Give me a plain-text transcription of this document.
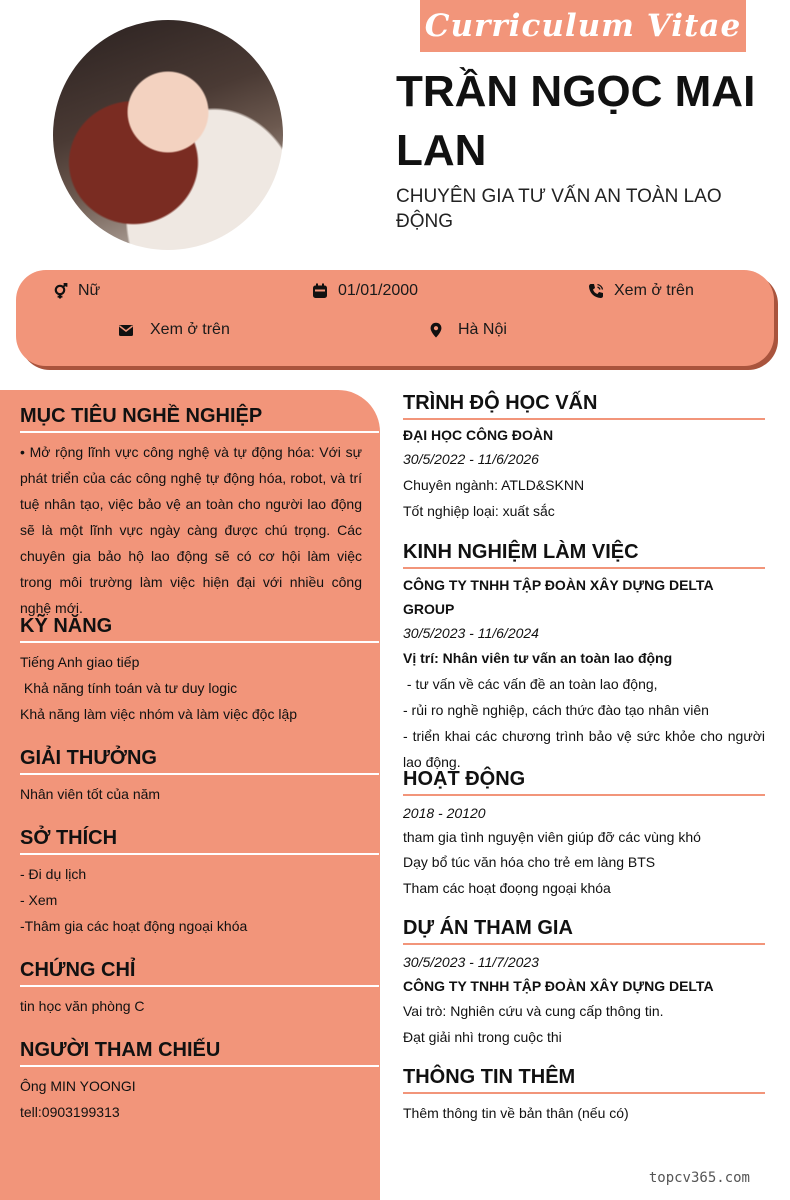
Curriculum Vitae
TRẦN NGỌC MAI LAN
CHUYÊN GIA TƯ VẤN AN TOÀN LAO ĐỘNG
Nữ	01/01/2000	Xem ở trên
Xem ở trên	Hà Nội
MỤC TIÊU NGHỀ NGHIỆP
• Mở rộng lĩnh vực công nghệ và tự động hóa: Với sự phát triển của các công nghệ tự động hóa, robot, và trí tuệ nhân tạo, việc bảo vệ an toàn cho người lao động sẽ là một lĩnh vực ngày càng được chú trọng. Các chuyên gia bảo hộ lao động sẽ có cơ hội làm việc trong môi trường làm việc hiện đại với nhiều công nghệ mới.
KỸ NĂNG
Tiếng Anh giao tiếp
Khả năng tính toán và tư duy logic
Khả năng làm việc nhóm và làm việc độc lập
GIẢI THƯỞNG
Nhân viên tốt của năm
SỞ THÍCH
- Đi dụ lịch
- Xem
-Thâm gia các hoạt động ngoại khóa
CHỨNG CHỈ
tin học văn phòng C
NGƯỜI THAM CHIẾU
Ông MIN YOONGI
tell:0903199313
TRÌNH ĐỘ HỌC VẤN
ĐẠI HỌC CÔNG ĐOÀN
30/5/2022 - 11/6/2026
Chuyên ngành: ATLD&SKNN
Tốt nghiệp loại: xuất sắc
KINH NGHIỆM LÀM VIỆC
CÔNG TY TNHH TẬP ĐOÀN XÂY DỰNG DELTA GROUP
30/5/2023 - 11/6/2024
Vị trí: Nhân viên tư vấn an toàn lao động
- tư vấn về các vấn đề an toàn lao động,
- rủi ro nghề nghiệp, cách thức đào tạo nhân viên
- triển khai các chương trình bảo vệ sức khỏe cho người lao động.
HOẠT ĐỘNG
2018 - 20120
tham gia tình nguyện viên giúp đỡ các vùng khó
Dạy bổ túc văn hóa cho trẻ em làng BTS
Tham các hoạt đoọng ngoại khóa
DỰ ÁN THAM GIA
30/5/2023 - 11/7/2023
CÔNG TY TNHH TẬP ĐOÀN XÂY DỰNG DELTA
Vai trò: Nghiên cứu và cung cấp thông tin.
Đạt giải nhì trong cuộc thi
THÔNG TIN THÊM
Thêm thông tin về bản thân (nếu có)
topcv365.com
